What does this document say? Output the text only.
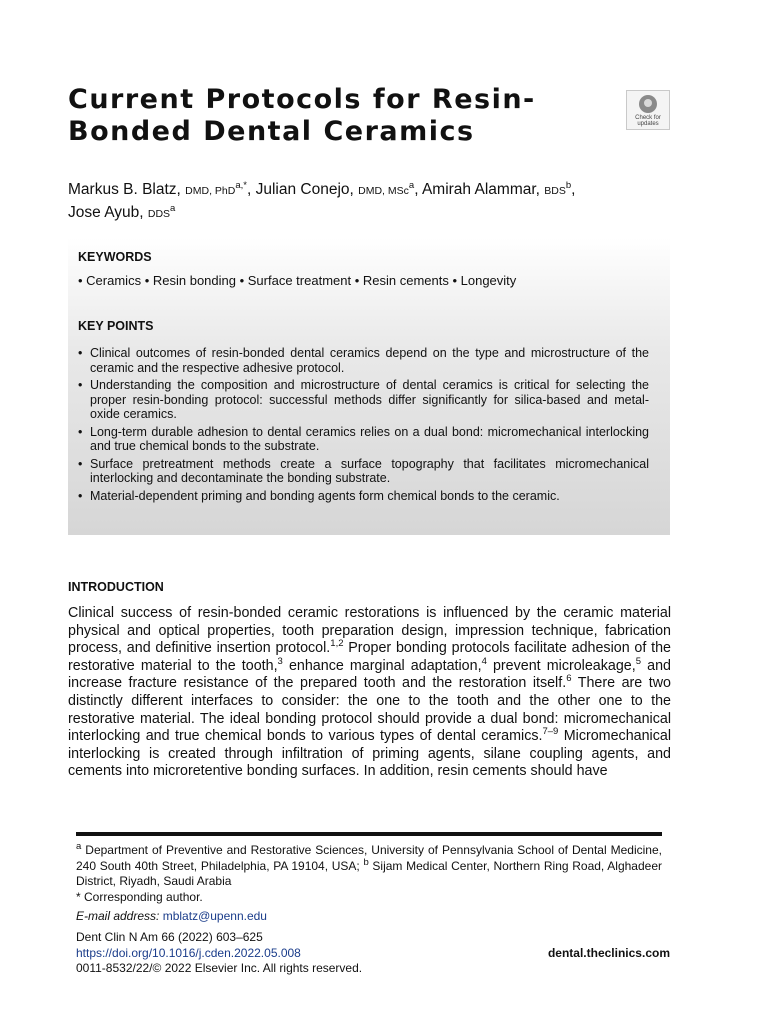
Current Protocols for Resin-
Bonded Dental Ceramics	Check for updates
Markus B. Blatz, DMD, PhD$^{a,*}$, Julian Conejo, DMD, MSc$^a$, Amirah Alammar, BDS$^b$,
Jose Ayub, DDS$^a$
KEYWORDS
• Ceramics • Resin bonding • Surface treatment • Resin cements • Longevity
KEY POINTS
• Clinical outcomes of resin-bonded dental ceramics depend on the type and microstructure of the ceramic and the respective adhesive protocol.
• Understanding the composition and microstructure of dental ceramics is critical for selecting the proper resin-bonding protocol: successful methods differ significantly for silica-based and metal-oxide ceramics.
• Long-term durable adhesion to dental ceramics relies on a dual bond: micromechanical interlocking and true chemical bonds to the substrate.
• Surface pretreatment methods create a surface topography that facilitates micromechanical interlocking and decontaminate the bonding substrate.
• Material-dependent priming and bonding agents form chemical bonds to the ceramic.
INTRODUCTION

Clinical success of resin-bonded ceramic restorations is influenced by the ceramic material physical and optical properties, tooth preparation design, impression technique, fabrication process, and definitive insertion protocol.$^{1,2}$ Proper bonding protocols facilitate adhesion of the restorative material to the tooth,$^3$ enhance marginal adaptation,$^4$ prevent microleakage,$^5$ and increase fracture resistance of the prepared tooth and the restoration itself.$^6$ There are two distinctly different interfaces to consider: the one to the tooth and the other one to the restorative material. The ideal bonding protocol should provide a dual bond: micromechanical interlocking and true chemical bonds to various types of dental ceramics.$^{7-9}$ Micromechanical interlocking is created through infiltration of priming agents, silane coupling agents, and cements into microretentive bonding surfaces. In addition, resin cements should have

$^a$ Department of Preventive and Restorative Sciences, University of Pennsylvania School of Dental Medicine, 240 South 40th Street, Philadelphia, PA 19104, USA; $^b$ Sijam Medical Center, Northern Ring Road, Alghadeer District, Riyadh, Saudi Arabia
* Corresponding author.

E-mail address: mblatz@upenn.edu
Dent Clin N Am 66 (2022) 603–625
https://doi.org/10.1016/j.cden.2022.05.008
0011-8532/22/© 2022 Elsevier Inc. All rights reserved.
dental.theclinics.com
